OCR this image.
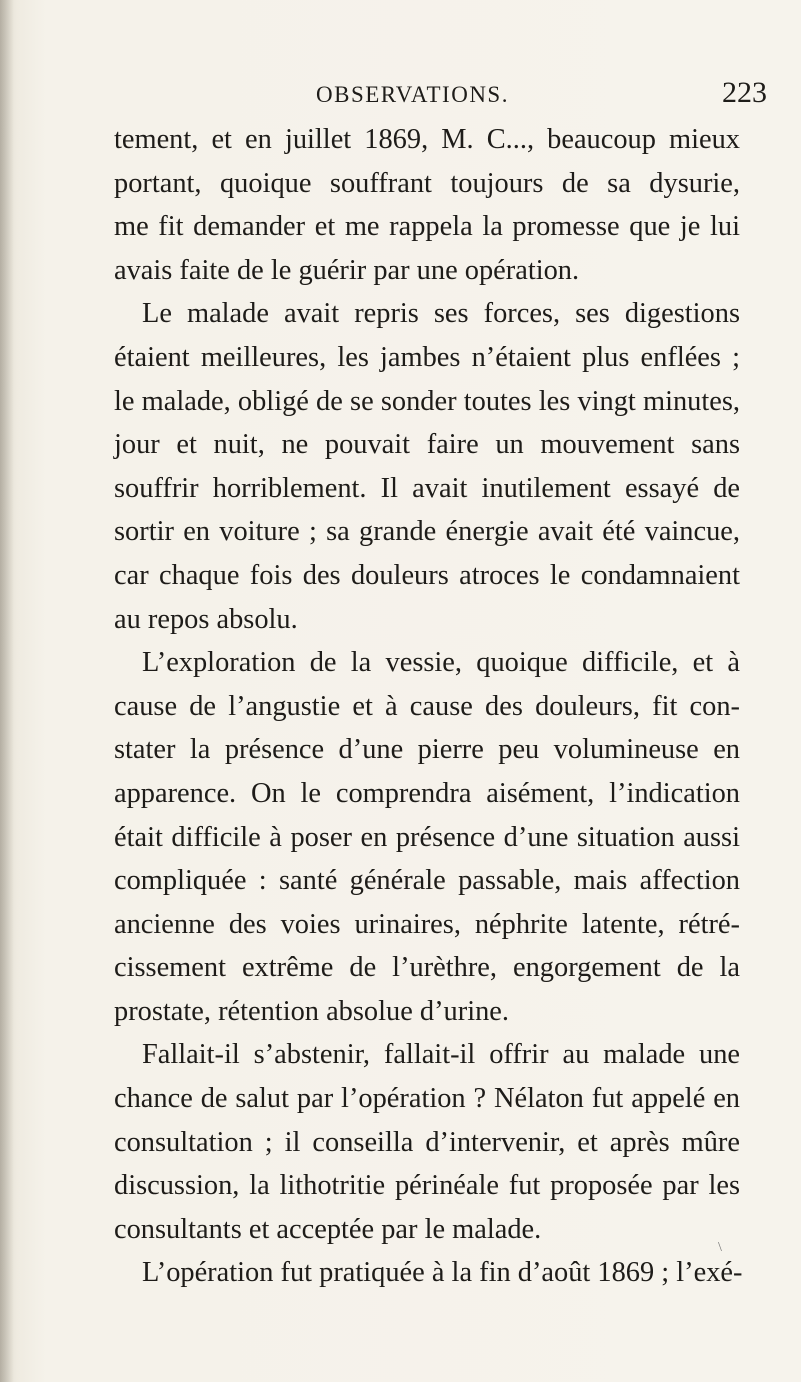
OBSERVATIONS.	223
tement, et en juillet 1869, M. C..., beaucoup mieux
portant, quoique souffrant toujours de sa dysurie,
me fit demander et me rappela la promesse que je lui
avais faite de le guérir par une opération.
Le malade avait repris ses forces, ses digestions
étaient meilleures, les jambes n’étaient plus enflées ;
le malade, obligé de se sonder toutes les vingt minutes,
jour et nuit, ne pouvait faire un mouvement sans
souffrir horriblement. Il avait inutilement essayé de
sortir en voiture ; sa grande énergie avait été vaincue,
car chaque fois des douleurs atroces le condamnaient
au repos absolu.
L’exploration de la vessie, quoique difficile, et à
cause de l’angustie et à cause des douleurs, fit con-
stater la présence d’une pierre peu volumineuse en
apparence. On le comprendra aisément, l’indication
était difficile à poser en présence d’une situation aussi
compliquée : santé générale passable, mais affection
ancienne des voies urinaires, néphrite latente, rétré-
cissement extrême de l’urèthre, engorgement de la
prostate, rétention absolue d’urine.
Fallait-il s’abstenir, fallait-il offrir au malade une
chance de salut par l’opération ? Nélaton fut appelé en
consultation ; il conseilla d’intervenir, et après mûre
discussion, la lithotritie périnéale fut proposée par les
consultants et acceptée par le malade.
L’opération fut pratiquée à la fin d’août 1869 ; l’exé-
\
